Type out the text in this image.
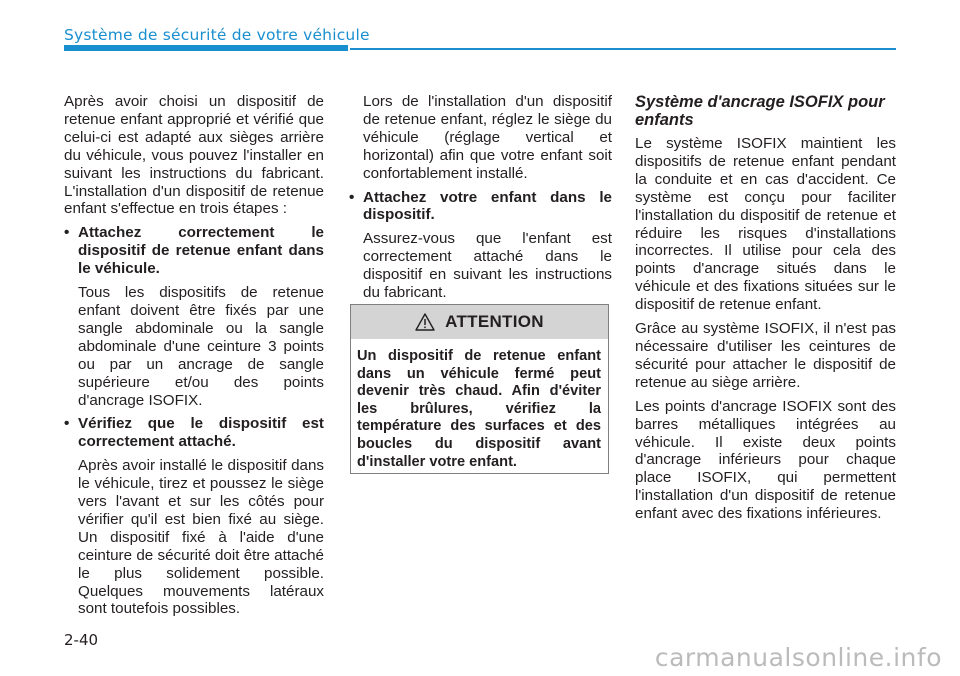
Système de sécurité de votre véhicule

Après avoir choisi un dispositif de retenue enfant approprié et vérifié que celui-ci est adapté aux sièges arrière du véhicule, vous pouvez l'installer en suivant les instructions du fabricant. L'installation d'un dispositif de retenue enfant s'effectue en trois étapes :

• Attachez correctement le dispositif de retenue enfant dans le véhicule.

Tous les dispositifs de retenue enfant doivent être fixés par une sangle abdominale ou la sangle abdominale d'une ceinture 3 points ou par un ancrage de sangle supérieure et/ou des points d'ancrage ISOFIX.

• Vérifiez que le dispositif est correctement attaché.

Après avoir installé le dispositif dans le véhicule, tirez et poussez le siège vers l'avant et sur les côtés pour vérifier qu'il est bien fixé au siège. Un dispositif fixé à l'aide d'une ceinture de sécurité doit être attaché le plus solidement possible. Quelques mouvements latéraux sont toutefois possibles.

Lors de l'installation d'un dispositif de retenue enfant, réglez le siège du véhicule (réglage vertical et horizontal) afin que votre enfant soit confortablement installé.

• Attachez votre enfant dans le dispositif.

Assurez-vous que l'enfant est correctement attaché dans le dispositif en suivant les instructions du fabricant.

ATTENTION
Un dispositif de retenue enfant dans un véhicule fermé peut devenir très chaud. Afin d'éviter les brûlures, vérifiez la température des surfaces et des boucles du dispositif avant d'installer votre enfant.
Système d'ancrage ISOFIX pour enfants

Le système ISOFIX maintient les dispositifs de retenue enfant pendant la conduite et en cas d'accident. Ce système est conçu pour faciliter l'installation du dispositif de retenue et réduire les risques d'installations incorrectes. Il utilise pour cela des points d'ancrage situés dans le véhicule et des fixations situées sur le dispositif de retenue enfant.

Grâce au système ISOFIX, il n'est pas nécessaire d'utiliser les ceintures de sécurité pour attacher le dispositif de retenue au siège arrière.

Les points d'ancrage ISOFIX sont des barres métalliques intégrées au véhicule. Il existe deux points d'ancrage inférieurs pour chaque place ISOFIX, qui permettent l'installation d'un dispositif de retenue enfant avec des fixations inférieures.

2-40
carmanualsonline.info
